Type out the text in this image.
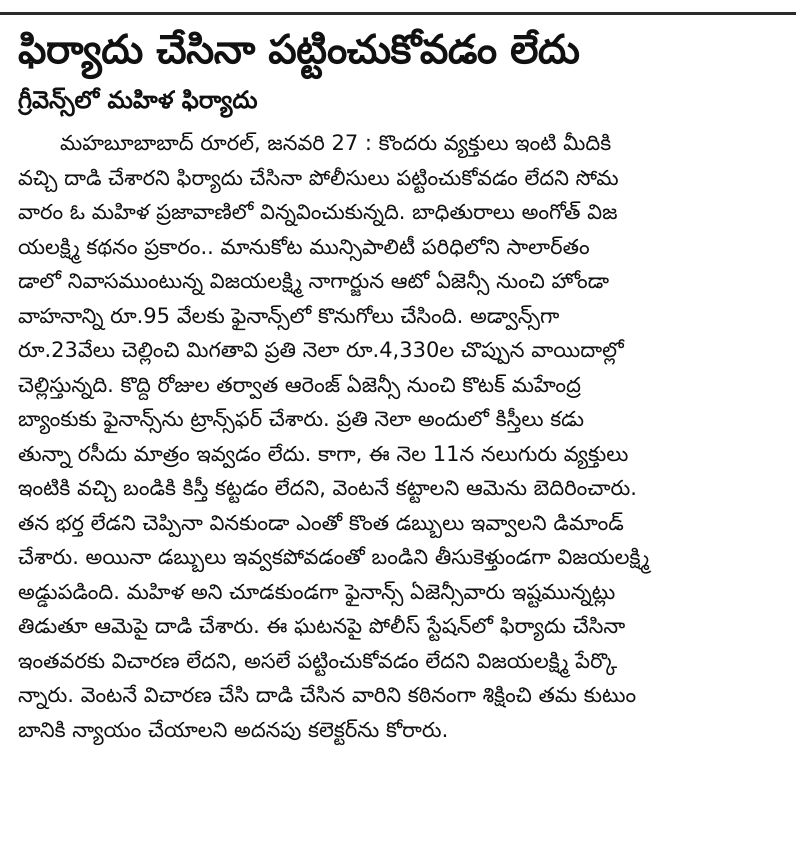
ఫిర్యాదు చేసినా పట్టించుకోవడం లేదు
గ్రీవెన్స్‌లో మహిళ ఫిర్యాదు
మహబూబాబాద్ రూరల్, జనవరి 27 : కొందరు వ్యక్తులు ఇంటి మీదికి
వచ్చి దాడి చేశారని ఫిర్యాదు చేసినా పోలీసులు పట్టించుకోవడం లేదని సోమ
వారం ఓ మహిళ ప్రజావాణిలో విన్నవించుకున్నది. బాధితురాలు అంగోత్ విజ
యలక్ష్మి కథనం ప్రకారం.. మానుకోట మున్సిపాలిటీ పరిధిలోని సాలార్‌తం
డాలో నివాసముంటున్న విజయలక్ష్మి నాగార్జున ఆటో ఏజెన్సీ నుంచి హోండా
వాహనాన్ని రూ.95 వేలకు ఫైనాన్స్‌లో కొనుగోలు చేసింది. అడ్వాన్స్‌గా
రూ.23వేలు చెల్లించి మిగతావి ప్రతి నెలా రూ.4,330ల చొప్పున వాయిదాల్లో
చెల్లిస్తున్నది. కొద్ది రోజుల తర్వాత ఆరెంజ్ ఏజెన్సీ నుంచి కొటక్ మహేంద్ర
బ్యాంకుకు ఫైనాన్స్‌ను ట్రాన్స్‌ఫర్ చేశారు. ప్రతి నెలా అందులో కిస్తీలు కడు
తున్నా రసీదు మాత్రం ఇవ్వడం లేదు. కాగా, ఈ నెల 11న నలుగురు వ్యక్తులు
ఇంటికి వచ్చి బండికి కిస్తీ కట్టడం లేదని, వెంటనే కట్టాలని ఆమెను బెదిరించారు.
తన భర్త లేడని చెప్పినా వినకుండా ఎంతో కొంత డబ్బులు ఇవ్వాలని డిమాండ్
చేశారు. అయినా డబ్బులు ఇవ్వకపోవడంతో బండిని తీసుకెళ్తుండగా విజయలక్ష్మి
అడ్డుపడింది. మహిళ అని చూడకుండగా ఫైనాన్స్ ఏజెన్సీవారు ఇష్టమున్నట్లు
తిడుతూ ఆమెపై దాడి చేశారు. ఈ ఘటనపై పోలీస్ స్టేషన్‌లో ఫిర్యాదు చేసినా
ఇంతవరకు విచారణ లేదని, అసలే పట్టించుకోవడం లేదని విజయలక్ష్మి పేర్కొ
న్నారు. వెంటనే విచారణ చేసి దాడి చేసిన వారిని కఠినంగా శిక్షించి తమ కుటుం
బానికి న్యాయం చేయాలని అదనపు కలెక్టర్‌ను కోరారు.
